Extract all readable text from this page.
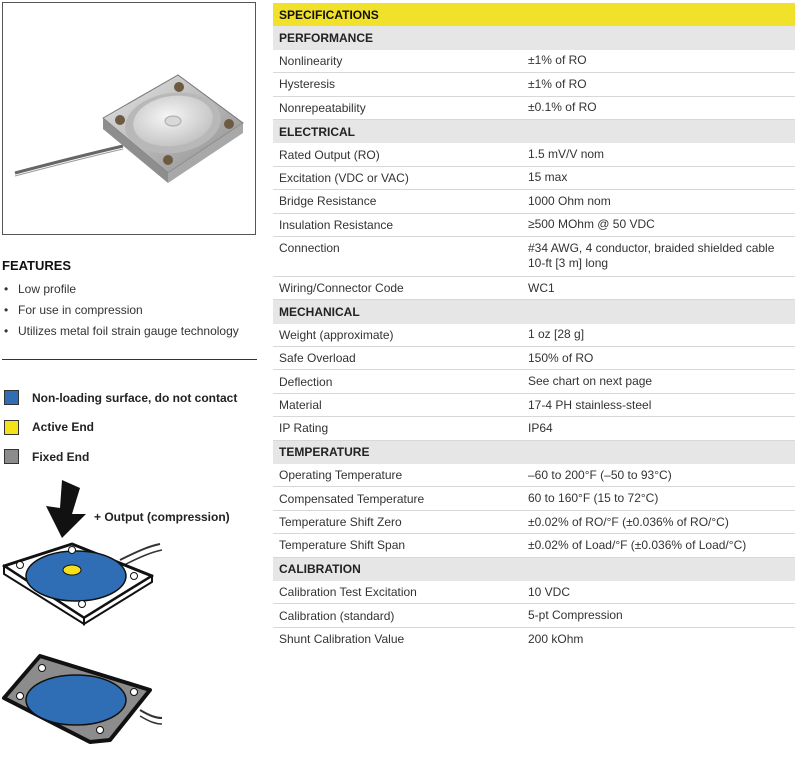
FEATURES
• Low profile
• For use in compression
• Utilizes metal foil strain gauge technology
Non-loading surface, do not contact
Active End
Fixed End
+ Output (compression)
SPECIFICATIONS
PERFORMANCE
Nonlinearity	±1% of RO
Hysteresis	±1% of RO
Nonrepeatability	±0.1% of RO
ELECTRICAL
Rated Output (RO)	1.5 mV/V nom
Excitation (VDC or VAC)	15 max
Bridge Resistance	1000 Ohm nom
Insulation Resistance	≥500 MOhm @ 50 VDC
Connection	#34 AWG, 4 conductor, braided shielded cable
10-ft [3 m] long
Wiring/Connector Code	WC1
MECHANICAL
Weight (approximate)	1 oz [28 g]
Safe Overload	150% of RO
Deflection	See chart on next page
Material	17-4 PH stainless-steel
IP Rating	IP64
TEMPERATURE
Operating Temperature	–60 to 200°F (–50 to 93°C)
Compensated Temperature	60 to 160°F (15 to 72°C)
Temperature Shift Zero	±0.02% of RO/°F (±0.036% of RO/°C)
Temperature Shift Span	±0.02% of Load/°F (±0.036% of Load/°C)
CALIBRATION
Calibration Test Excitation	10 VDC
Calibration (standard)	5-pt Compression
Shunt Calibration Value	200 kOhm
